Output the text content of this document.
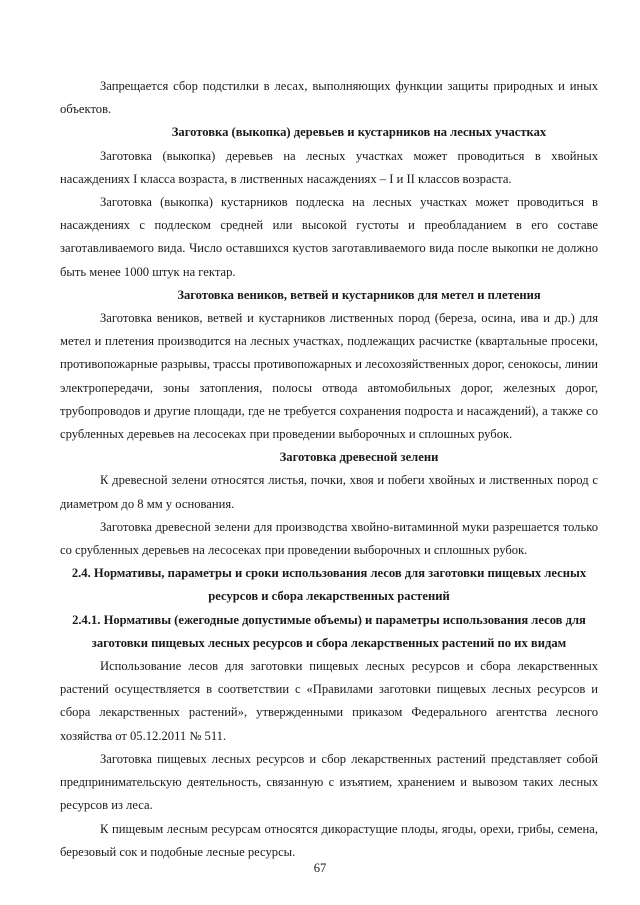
Запрещается сбор подстилки в лесах, выполняющих функции защиты природных и иных объектов.

Заготовка (выкопка) деревьев и кустарников на лесных участках

Заготовка (выкопка) деревьев на лесных участках может проводиться в хвойных насаждениях I класса возраста, в лиственных насаждениях – I и II классов возраста.

Заготовка (выкопка) кустарников подлеска на лесных участках может проводиться в насаждениях с подлеском средней или высокой густоты и преобладанием в его составе заготавливаемого вида. Число оставшихся кустов заготавливаемого вида после выкопки не должно быть менее 1000 штук на гектар.

Заготовка веников, ветвей и кустарников для метел и плетения

Заготовка веников, ветвей и кустарников лиственных пород (береза, осина, ива и др.) для метел и плетения производится на лесных участках, подлежащих расчистке (квартальные просеки, противопожарные разрывы, трассы противопожарных и лесохозяйственных дорог, сенокосы, линии электропередачи, зоны затопления, полосы отвода автомобильных дорог, железных дорог, трубопроводов и другие площади, где не требуется сохранения подроста и насаждений), а также со срубленных деревьев на лесосеках при проведении выборочных и сплошных рубок.

Заготовка древесной зелени

К древесной зелени относятся листья, почки, хвоя и побеги хвойных и лиственных пород с диаметром до 8 мм у основания.

Заготовка древесной зелени для производства хвойно-витаминной муки разрешается только со срубленных деревьев на лесосеках при проведении выборочных и сплошных рубок.

2.4. Нормативы, параметры и сроки использования лесов для заготовки пищевых лесных ресурсов и сбора лекарственных растений
2.4.1. Нормативы (ежегодные допустимые объемы) и параметры использования лесов для заготовки пищевых лесных ресурсов и сбора лекарственных растений по их видам

Использование лесов для заготовки пищевых лесных ресурсов и сбора лекарственных растений осуществляется в соответствии с «Правилами заготовки пищевых лесных ресурсов и сбора лекарственных растений», утвержденными приказом Федерального агентства лесного хозяйства от 05.12.2011 № 511.

Заготовка пищевых лесных ресурсов и сбор лекарственных растений представляет собой предпринимательскую деятельность, связанную с изъятием, хранением и вывозом таких лесных ресурсов из леса.

К пищевым лесным ресурсам относятся дикорастущие плоды, ягоды, орехи, грибы, семена, березовый сок и подобные лесные ресурсы.

67
